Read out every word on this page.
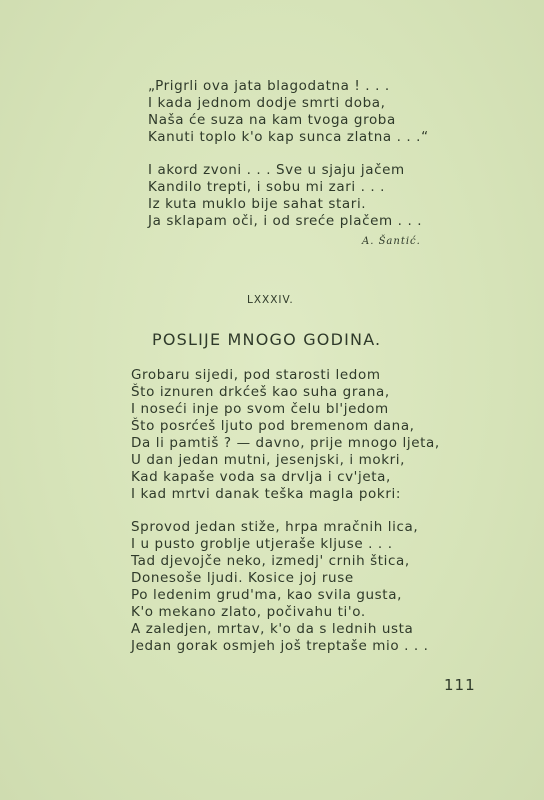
„Prigrli ova jata blagodatna ! . . .
I kada jednom dodje smrti doba,
Naša će suza na kam tvoga groba
Kanuti toplo k'o kap sunca zlatna . . .“
I akord zvoni . . . Sve u sjaju jačem
Kandilo trepti, i sobu mi zari . . .
Iz kuta muklo bije sahat stari.
Ja sklapam oči, i od sreće plačem . . .
A. Šantić.
LXXXIV.
POSLIJE MNOGO GODINA.
Grobaru sijedi, pod starosti ledom
Što iznuren drkćeš kao suha grana,
I noseći inje po svom čelu bl'jedom
Što posrćeš ljuto pod bremenom dana,
Da li pamtiš ? — davno, prije mnogo ljeta,
U dan jedan mutni, jesenjski, i mokri,
Kad kapaše voda sa drvlja i cv'jeta,
I kad mrtvi danak teška magla pokri:
Sprovod jedan stiže, hrpa mračnih lica,
I u pusto groblje utjeraše kljuse . . .
Tad djevojče neko, izmedj' crnih štica,
Donesoše ljudi. Kosice joj ruse
Po ledenim grud'ma, kao svila gusta,
K'o mekano zlato, počivahu ti'o.
A zaledjen, mrtav, k'o da s lednih usta
Jedan gorak osmjeh još treptaše mio . . .
111
